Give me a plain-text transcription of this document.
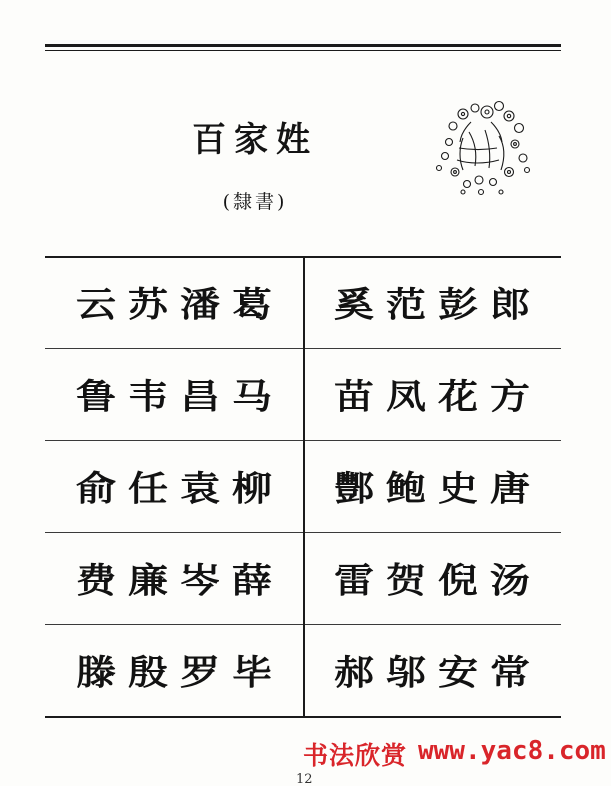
百家姓
(隸書)
云苏潘葛	奚范彭郎
鲁韦昌马	苗凤花方
俞任袁柳	酆鲍史唐
费廉岑薛	雷贺倪汤
滕殷罗毕	郝邬安常
书法欣赏 www.yac8.com
12
